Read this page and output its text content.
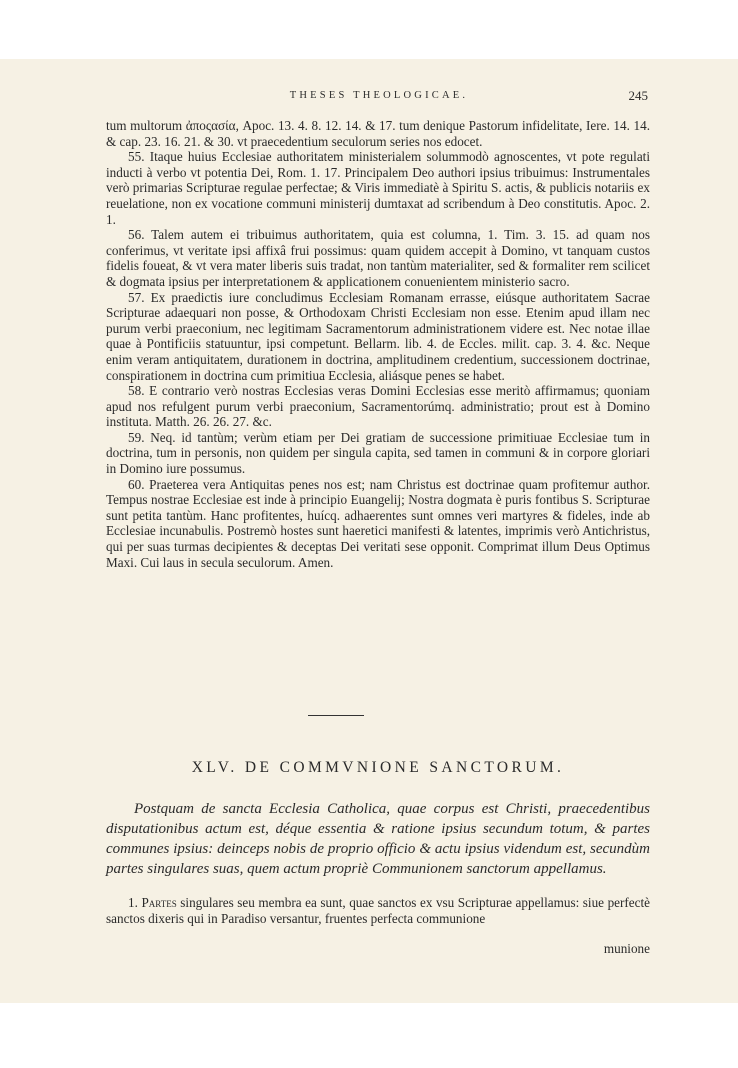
THESES THEOLOGICAE.	245

tum multorum ἀποςασία, Apoc. 13. 4. 8. 12. 14. & 17. tum denique Pastorum infidelitate, Iere. 14. 14. & cap. 23. 16. 21. & 30. vt praecedentium seculorum series nos edocet.

55. Itaque huius Ecclesiae authoritatem ministerialem solummodò agnoscentes, vt pote regulati inducti à verbo vt potentia Dei, Rom. 1. 17. Principalem Deo authori ipsius tribuimus: Instrumentales verò primarias Scripturae regulae perfectae; & Viris immediatè à Spiritu S. actis, & publicis notariis ex reuelatione, non ex vocatione communi ministerij dumtaxat ad scribendum à Deo constitutis. Apoc. 2. 1.

56. Talem autem ei tribuimus authoritatem, quia est columna, 1. Tim. 3. 15. ad quam nos conferimus, vt veritate ipsi affixâ frui possimus: quam quidem accepit à Domino, vt tanquam custos fidelis foueat, & vt vera mater liberis suis tradat, non tantùm materialiter, sed & formaliter rem scilicet & dogmata ipsius per interpretationem & applicationem conuenientem ministerio sacro.

57. Ex praedictis iure concludimus Ecclesiam Romanam errasse, eiúsque authoritatem Sacrae Scripturae adaequari non posse, & Orthodoxam Christi Ecclesiam non esse. Etenim apud illam nec purum verbi praeconium, nec legitimam Sacramentorum administrationem videre est. Nec notae illae quae à Pontificiis statuuntur, ipsi competunt. Bellarm. lib. 4. de Eccles. milit. cap. 3. 4. &c. Neque enim veram antiquitatem, durationem in doctrina, amplitudinem credentium, successionem doctrinae, conspirationem in doctrina cum primitiua Ecclesia, aliásque penes se habet.

58. E contrario verò nostras Ecclesias veras Domini Ecclesias esse meritò affirmamus; quoniam apud nos refulgent purum verbi praeconium, Sacramentorúmq. administratio; prout est à Domino instituta. Matth. 26. 26. 27. &c.

59. Neq. id tantùm; verùm etiam per Dei gratiam de successione primitiuae Ecclesiae tum in doctrina, tum in personis, non quidem per singula capita, sed tamen in communi & in corpore gloriari in Domino iure possumus.

60. Praeterea vera Antiquitas penes nos est; nam Christus est doctrinae quam profitemur author. Tempus nostrae Ecclesiae est inde à principio Euangelij; Nostra dogmata è puris fontibus S. Scripturae sunt petita tantùm. Hanc profitentes, huícq. adhaerentes sunt omnes veri martyres & fideles, inde ab Ecclesiae incunabulis. Postremò hostes sunt haeretici manifesti & latentes, imprimis verò Antichristus, qui per suas turmas decipientes & deceptas Dei veritati sese opponit. Comprimat illum Deus Optimus Maxi. Cui laus in secula seculorum. Amen.

XLV. DE COMMVNIONE SANCTORUM.

Postquam de sancta Ecclesia Catholica, quae corpus est Christi, praecedentibus disputationibus actum est, déque essentia & ratione ipsius secundum totum, & partes communes ipsius: deinceps nobis de proprio officio & actu ipsius videndum est, secundùm partes singulares suas, quem actum propriè Communionem sanctorum appellamus.

1. Partes singulares seu membra ea sunt, quae sanctos ex vsu Scripturae appellamus: siue perfectè sanctos dixeris qui in Paradiso versantur, fruentes perfecta communione

munione
